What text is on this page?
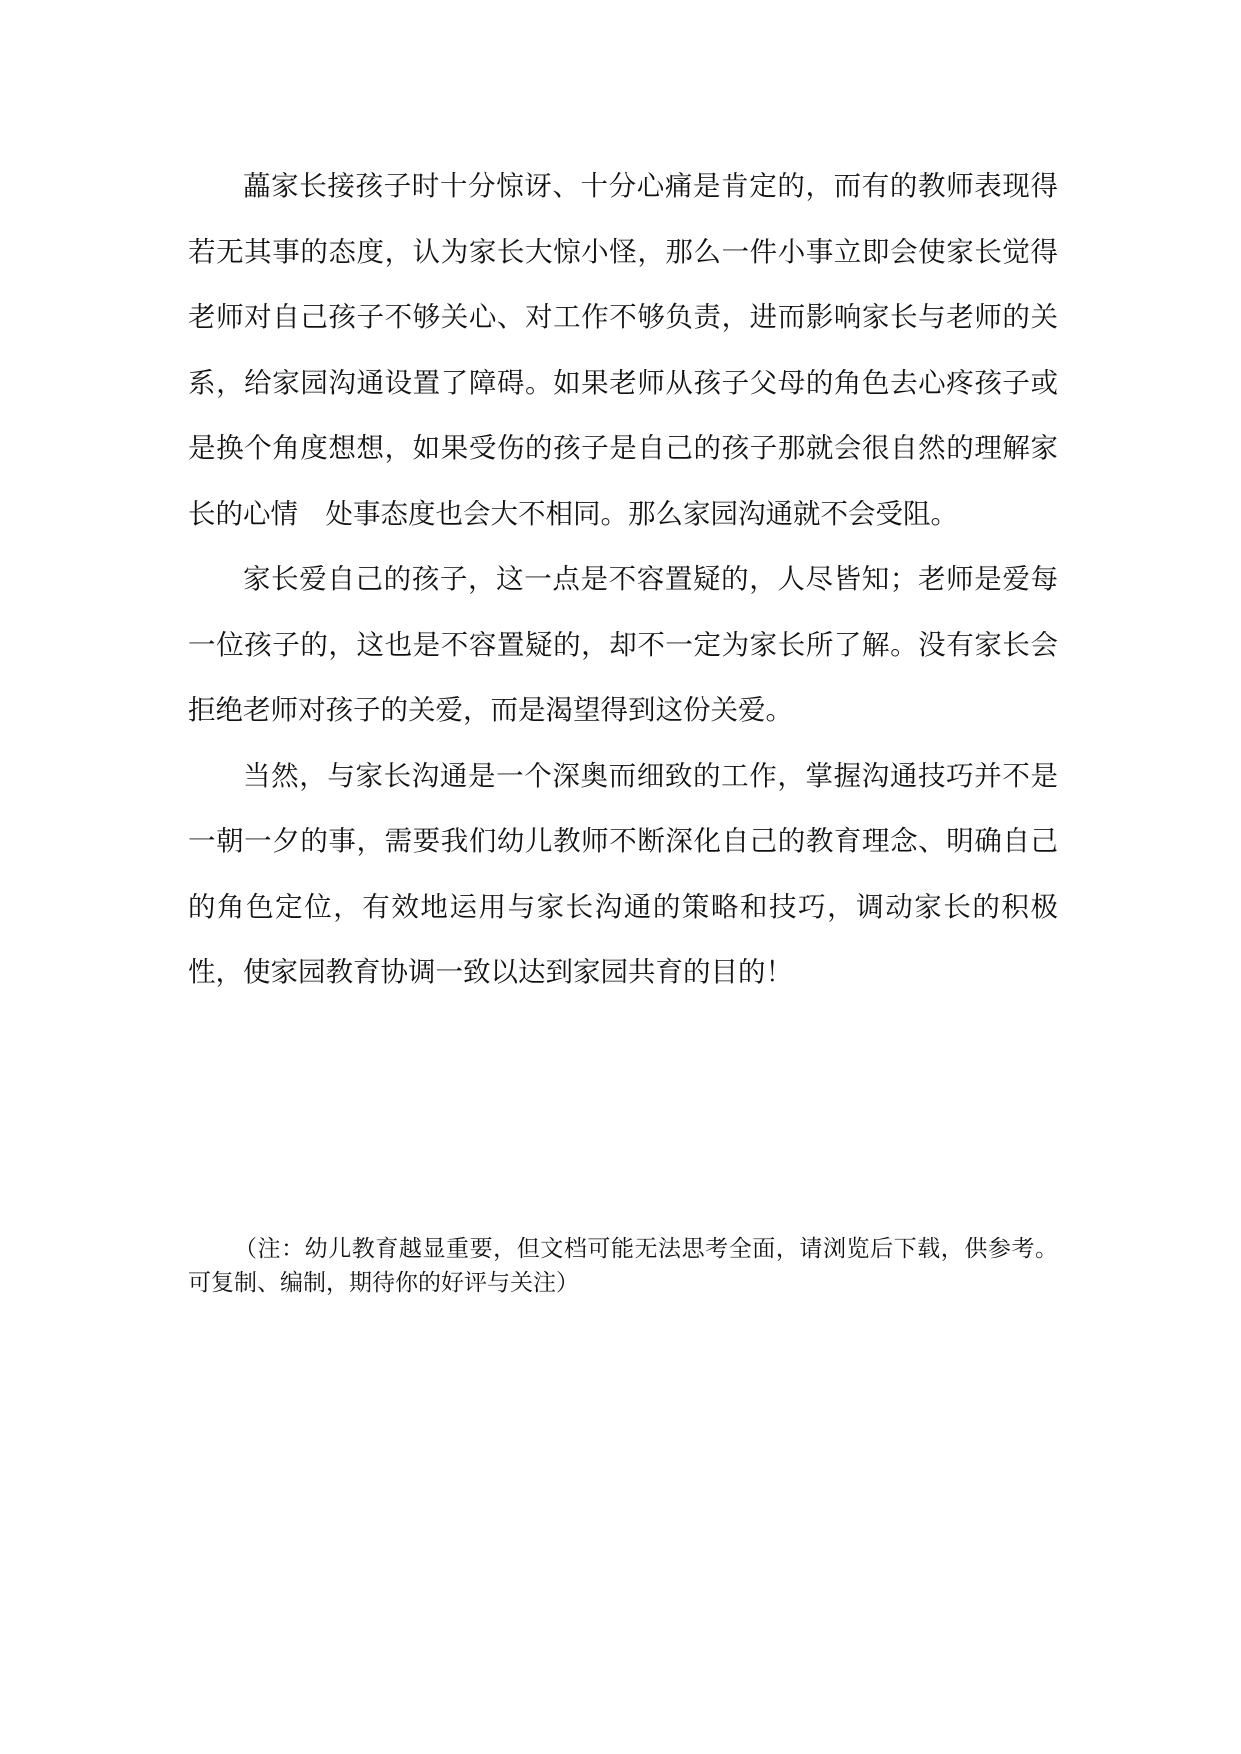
藟家长接孩子时十分惊讶、十分心痛是肯定的，而有的教师表现得若无其事的态度，认为家长大惊小怪，那么一件小事立即会使家长觉得老师对自己孩子不够关心、对工作不够负责，进而影响家长与老师的关系，给家园沟通设置了障碍。如果老师从孩子父母的角色去心疼孩子或是换个角度想想，如果受伤的孩子是自己的孩子那就会很自然的理解家长的心情　处事态度也会大不相同。那么家园沟通就不会受阻。

家长爱自己的孩子，这一点是不容置疑的，人尽皆知；老师是爱每一位孩子的，这也是不容置疑的，却不一定为家长所了解。没有家长会拒绝老师对孩子的关爱，而是渴望得到这份关爱。

当然，与家长沟通是一个深奥而细致的工作，掌握沟通技巧并不是一朝一夕的事，需要我们幼儿教师不断深化自己的教育理念、明确自己的角色定位，有效地运用与家长沟通的策略和技巧，调动家长的积极性，使家园教育协调一致以达到家园共育的目的！

（注：幼儿教育越显重要，但文档可能无法思考全面，请浏览后下载，供参考。可复制、编制，期待你的好评与关注）
